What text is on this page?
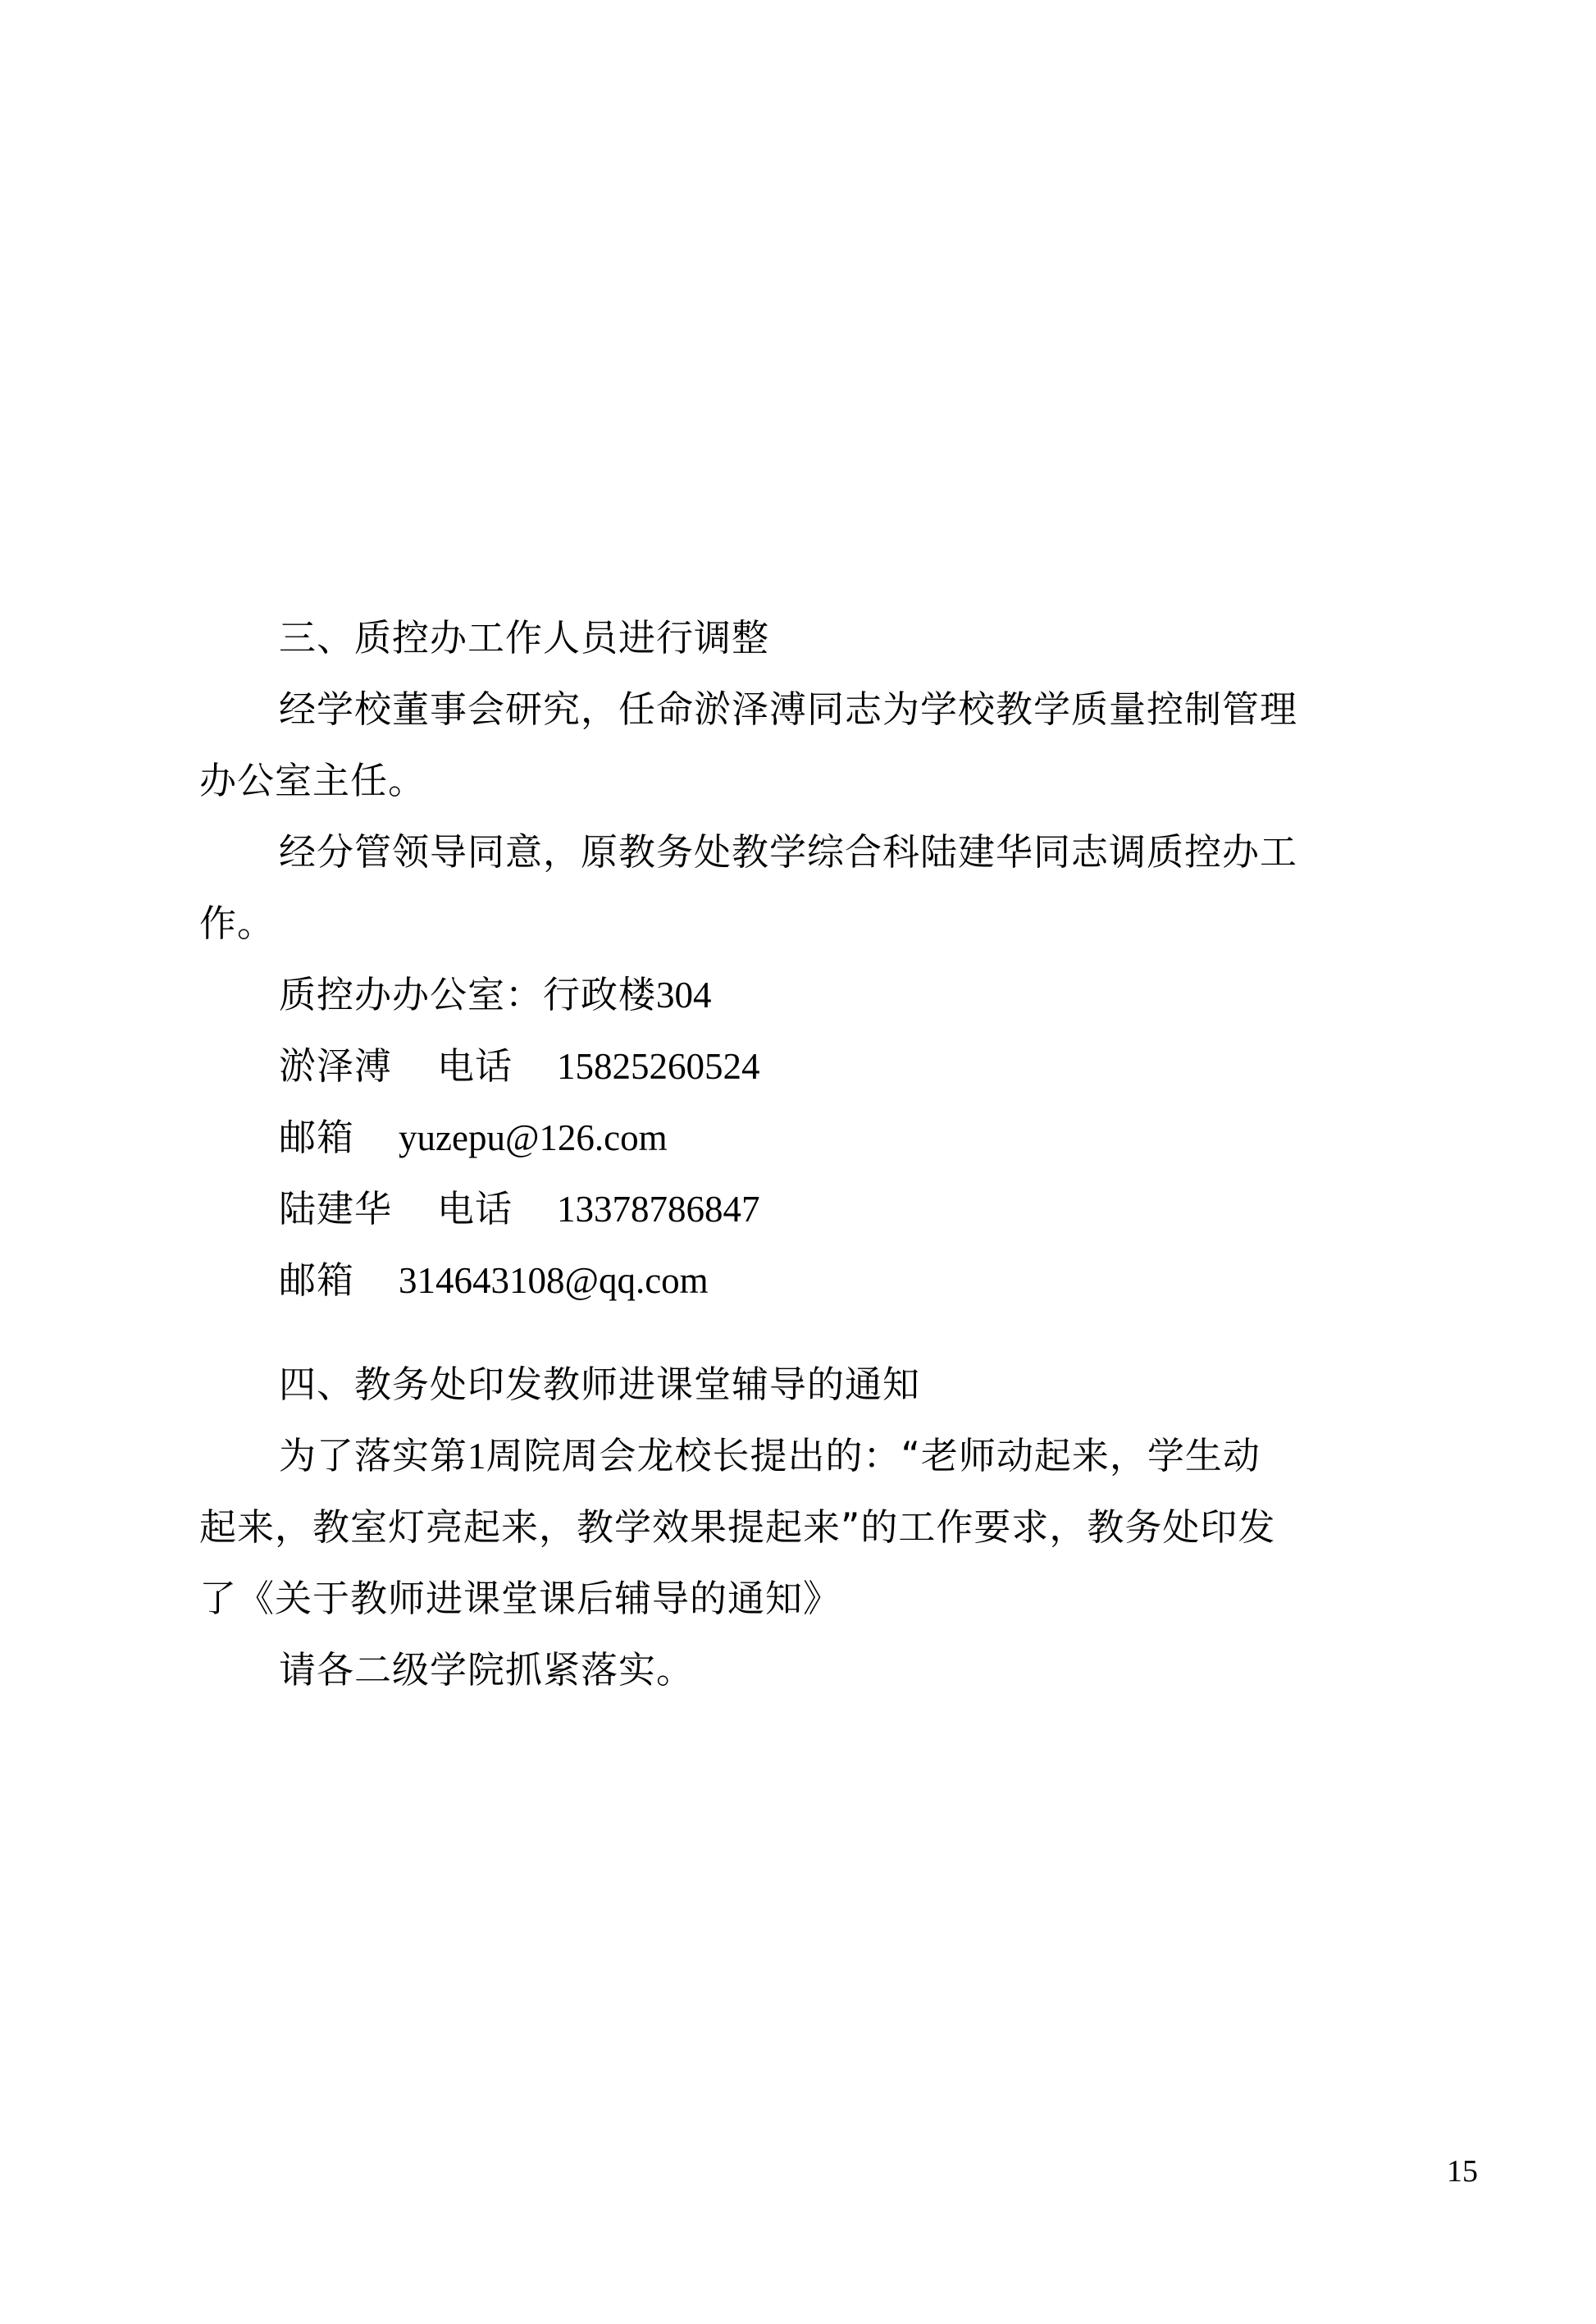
三、质控办工作人员进行调整
经学校董事会研究，任命淤泽溥同志为学校教学质量控制管理
办公室主任。
经分管领导同意，原教务处教学综合科陆建华同志调质控办工
作。
质控办办公室：行政楼304
淤泽溥 电话 15825260524
邮箱 yuzepu@126.com
陆建华 电话 13378786847
邮箱 314643108@qq.com
四、教务处印发教师进课堂辅导的通知
为了落实第1周院周会龙校长提出的：“老师动起来，学生动
起来，教室灯亮起来，教学效果提起来”的工作要求，教务处印发
了《关于教师进课堂课后辅导的通知》
请各二级学院抓紧落实。
15
